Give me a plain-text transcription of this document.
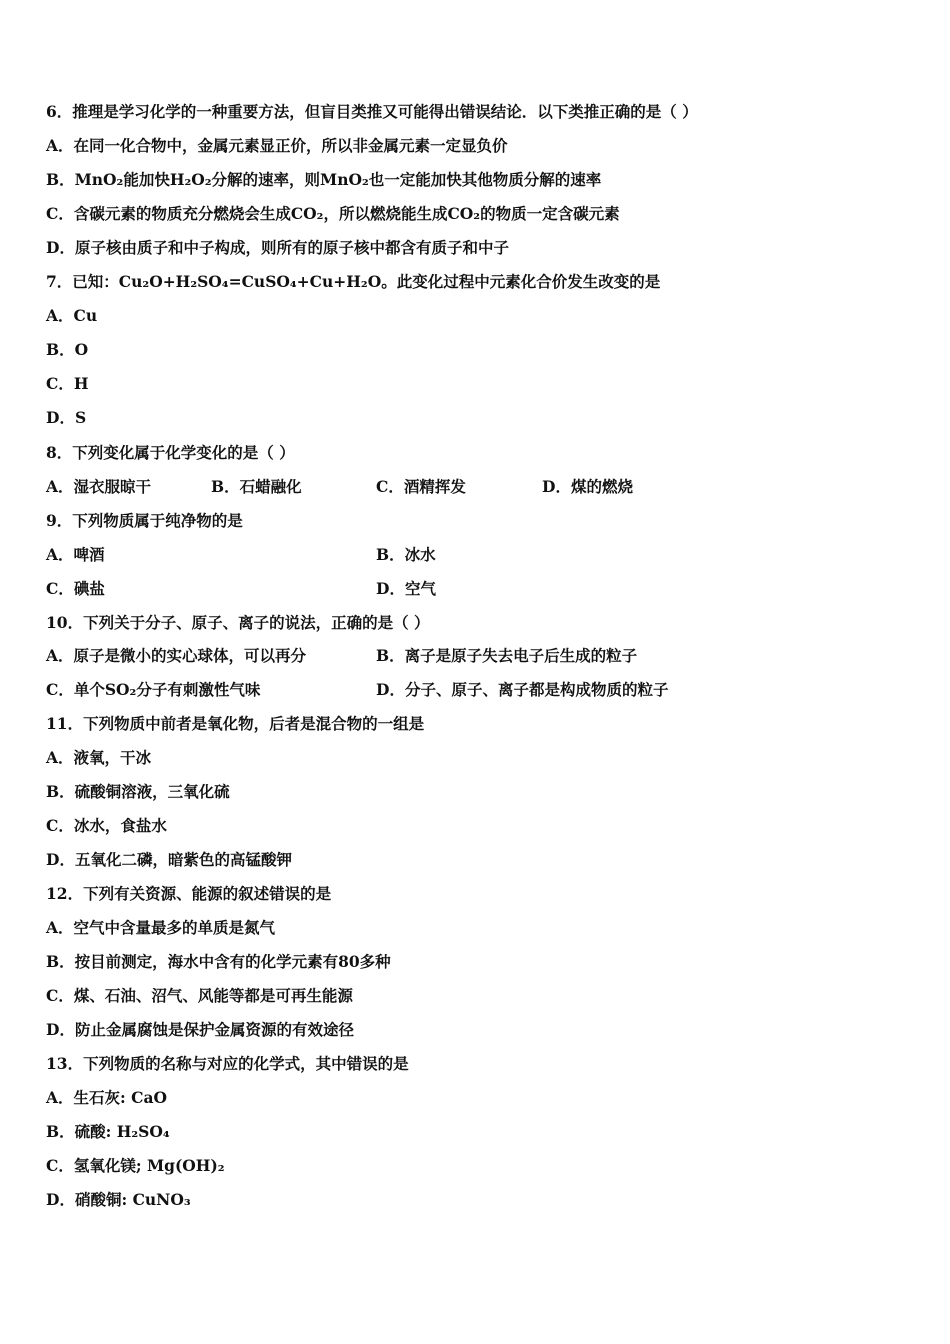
6．推理是学习化学的一种重要方法，但盲目类推又可能得出错误结论．以下类推正确的是（ ）
A．在同一化合物中，金属元素显正价，所以非金属元素一定显负价
B．MnO₂能加快H₂O₂分解的速率，则MnO₂也一定能加快其他物质分解的速率
C．含碳元素的物质充分燃烧会生成CO₂，所以燃烧能生成CO₂的物质一定含碳元素
D．原子核由质子和中子构成，则所有的原子核中都含有质子和中子
7．已知：Cu₂O+H₂SO₄=CuSO₄+Cu+H₂O。此变化过程中元素化合价发生改变的是
A．Cu
B．O
C．H
D．S
8．下列变化属于化学变化的是（ ）
A．湿衣服晾干	B．石蜡融化	C．酒精挥发	D．煤的燃烧
9．下列物质属于纯净物的是
A．啤酒	B．冰水
C．碘盐	D．空气
10．下列关于分子、原子、离子的说法，正确的是（ ）
A．原子是微小的实心球体，可以再分	B．离子是原子失去电子后生成的粒子
C．单个SO₂分子有刺激性气味	D．分子、原子、离子都是构成物质的粒子
11．下列物质中前者是氧化物，后者是混合物的一组是
A．液氧，干冰
B．硫酸铜溶液，三氧化硫
C．冰水，食盐水
D．五氧化二磷，暗紫色的高锰酸钾
12．下列有关资源、能源的叙述错误的是
A．空气中含量最多的单质是氮气
B．按目前测定，海水中含有的化学元素有80多种
C．煤、石油、沼气、风能等都是可再生能源
D．防止金属腐蚀是保护金属资源的有效途径
13．下列物质的名称与对应的化学式，其中错误的是
A．生石灰: CaO
B．硫酸: H₂SO₄
C．氢氧化镁; Mg(OH)₂
D．硝酸铜: CuNO₃
